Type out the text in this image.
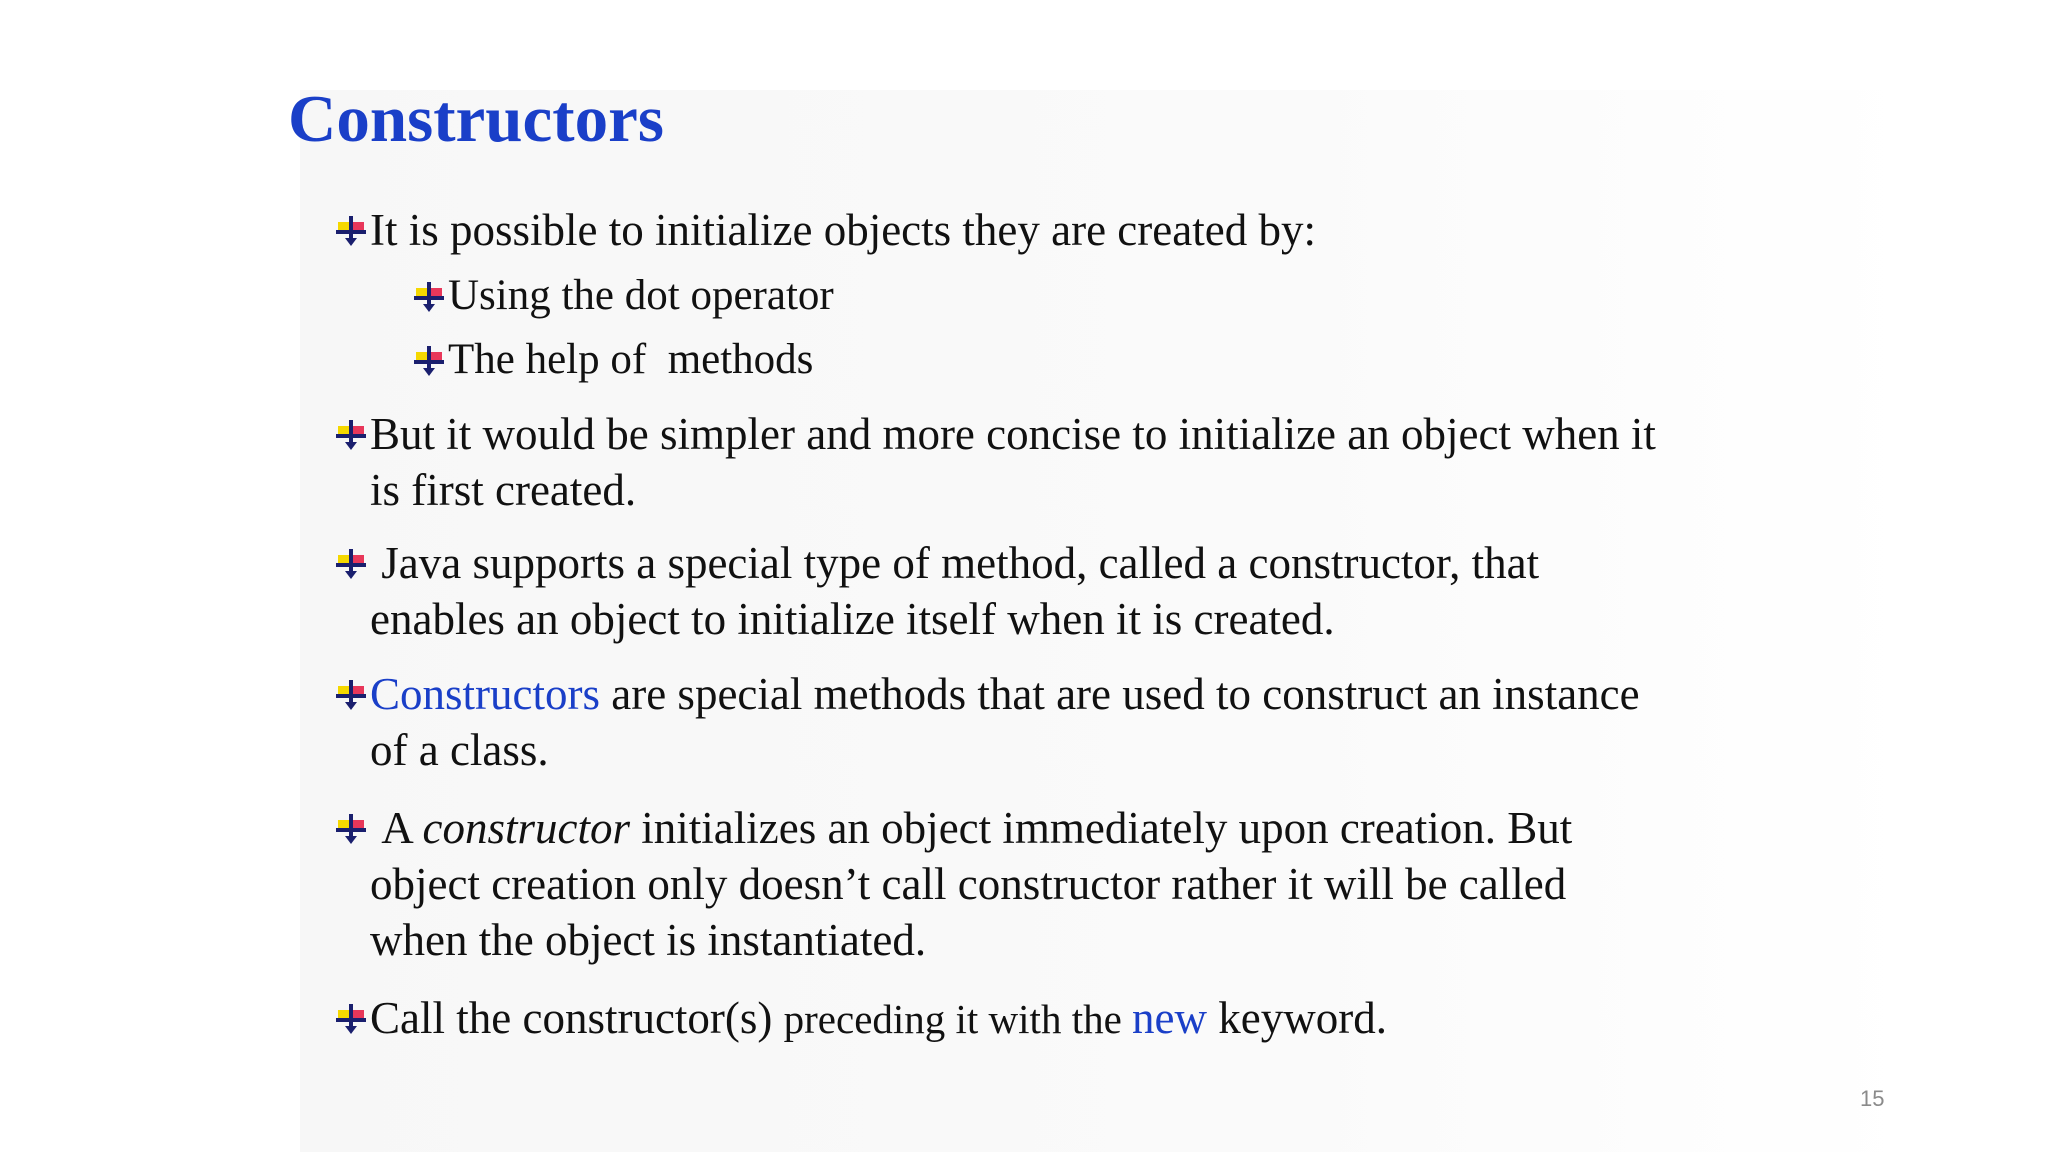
Constructors
It is possible to initialize objects they are created by:
Using the dot operator
The help of  methods
But it would be simpler and more concise to initialize an object when it
is first created.
Java supports a special type of method, called a constructor, that
enables an object to initialize itself when it is created.
Constructors are special methods that are used to construct an instance
of a class.
A constructor initializes an object immediately upon creation. But
object creation only doesn’t call constructor rather it will be called
when the object is instantiated.
Call the constructor(s) preceding it with the new keyword.
15
